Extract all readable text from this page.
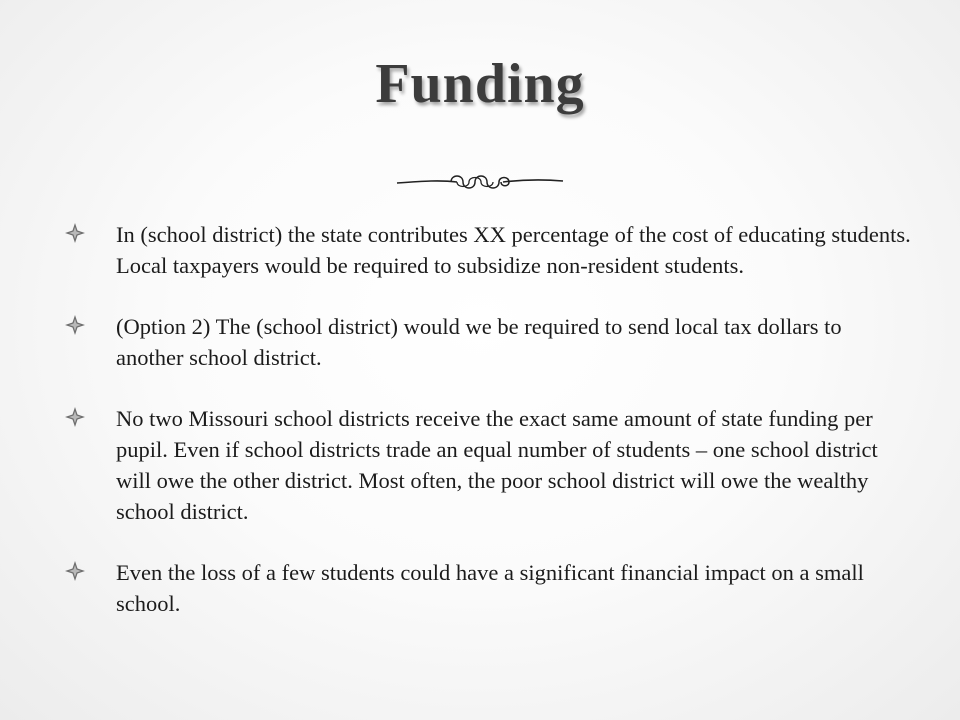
Funding
In (school district) the state contributes XX percentage of the cost of educating students. Local taxpayers would be required to subsidize non-resident students.
(Option 2) The (school district) would we be required to send local tax dollars to another school district.
No two Missouri school districts receive the exact same amount of state funding per pupil. Even if school districts trade an equal number of students – one school district will owe the other district. Most often, the poor school district will owe the wealthy school district.
Even the loss of a few students could have a significant financial impact on a small school.
